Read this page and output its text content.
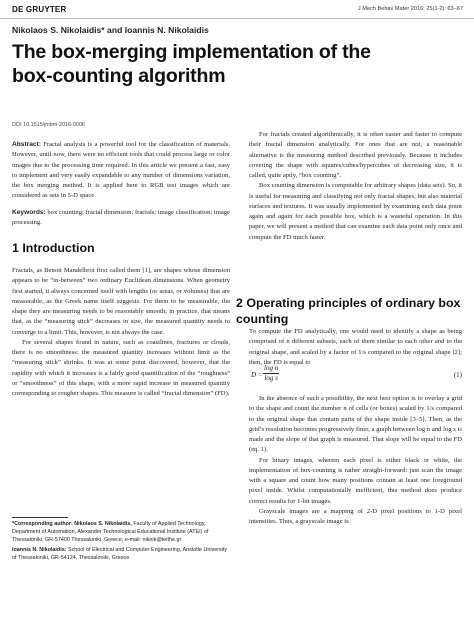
DE GRUYTER	J Mech Behav Mater 2016; 25(1-2): 63–67
Nikolaos S. Nikolaidis* and Ioannis N. Nikolaidis
The box-merging implementation of the box-counting algorithm
DOI 10.1515/jmbm-2016-0006

Abstract: Fractal analysis is a powerful tool for the classification of materials. However, until now, there were no efficient tools that could process large or color images due to the processing time required. In this article we present a fast, easy to implement and very easily expandable to any number of dimensions variation, the box merging method. It is applied here to RGB test images which are considered as sets in 5-D space.

Keywords: box counting; fractal dimension; fractals; image classification; image processing.

1 Introduction

Fractals, as Benoit Mandelbrot first called them [1], are shapes whose dimension appears to be “in-between” two ordinary Euclidean dimensions. When geometry first started, it always concerned itself with lengths (or areas, or volumes) that are measurable, as the Greek name itself suggests. For them to be measurable, the shape they are measuring needs to be reasonably smooth; in practice, that means that, as the “measuring stick” decreases in size, the measured quantity needs to converge to a limit. This, however, is not always the case.

For several shapes found in nature, such as coastlines, fractures or clouds, there is no smoothness: the measured quantity increases without limit as the “measuring stick” shrinks. It was at some point discovered, however, that the rapidity with which it increases is a fairly good quantification of the “roughness” or “smoothness” of this shape, with a more rapid increase in measured quantity corresponding to rougher shapes. This measure is called “fractal dimension” (FD).

For fractals created algorithmically, it is often easier and faster to compute their fractal dimension analytically. For ones that are not, a reasonable alternative is the measuring method described previously. Because it includes covering the shape with squares/cubes/hypercubes of decreasing size, it is called, quite aptly, “box counting”.

Box counting dimension is computable for arbitrary shapes (data sets). So, it is useful for measuring and classifying not only fractal shapes, but also material surfaces and textures. It was usually implemented by examining each data point again and again for each possible box, which is a wasteful operation. In this paper, we will present a method that can examine each data point only once and compute the FD much faster.

2 Operating principles of ordinary box counting

To compute the FD analytically, one would need to identify a shape as being comprised of n different subsets, each of them similar to each other and to the original shape, and scaled by a factor of 1/s compared to the original shape [2]; then, the FD is equal to

$D = \frac{\text{log n}}{\text{log s}}$	(1)

In the absence of such a possibility, the next best option is to overlay a grid to the shape and count the number n of cells (or boxes) scaled by 1/s compared to the original shape that contain parts of the shape inside [3–5]. Then, as the grid’s resolution becomes progressively finer, a graph between log n and log s is made and the slope of that graph is measured. That slope will be equal to the FD (eq. 1).

For binary images, wherein each pixel is either black or white, the implementation of box-counting is rather straight-forward: just scan the image with a square and count how many positions contain at least one foreground pixel inside. Whilst computationally inefficient, this method does produce correct results for 1-bit images.

Grayscale images are a mapping of 2-D pixel positions to 1-D pixel intensities. Thus, a grayscale image is

*Corresponding author: Nikolaos S. Nikolaidis, Faculty of Applied Technology, Department of Automation, Alexander Technological Educational Institute (ATEI) of Thessaloniki, GR-57400 Thessaloniki, Greece, e-mail: niknik@teithe.gr

Ioannis N. Nikolaidis: School of Electrical and Computer Engineering, Aristotle University of Thessaloniki, GR-54124, Thessaloniki, Greece
